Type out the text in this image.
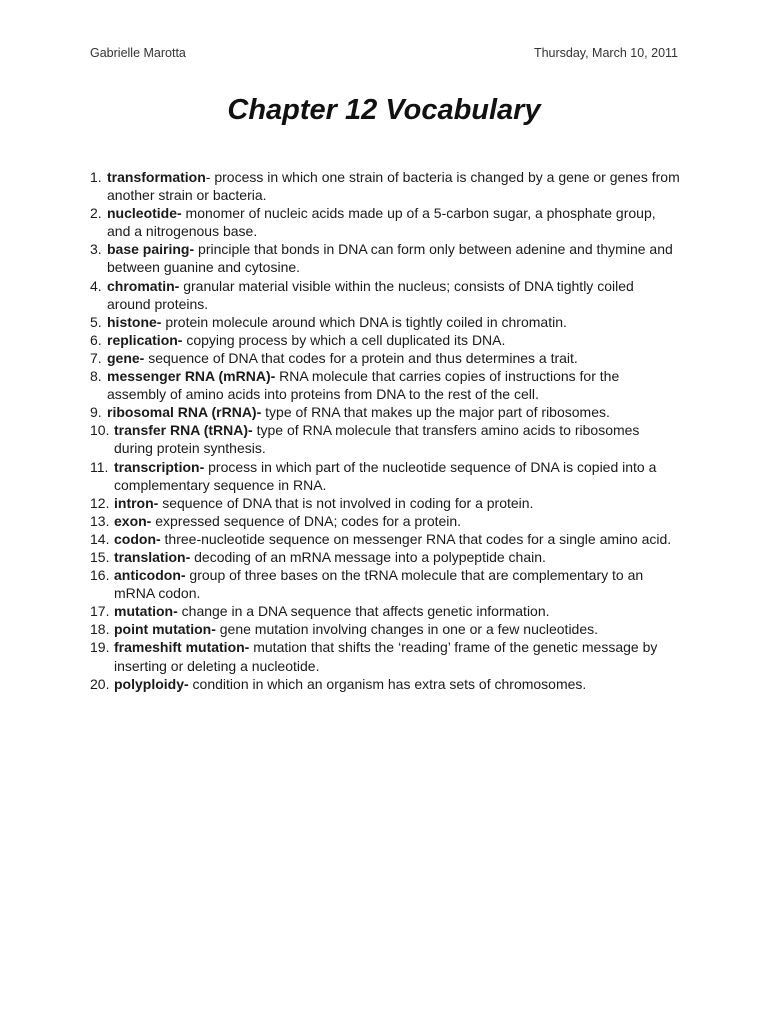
Gabrielle Marotta	Thursday, March 10, 2011
Chapter 12 Vocabulary
1. transformation- process in which one strain of bacteria is changed by a gene or genes from another strain or bacteria.
2. nucleotide- monomer of nucleic acids made up of a 5-carbon sugar, a phosphate group, and a nitrogenous base.
3. base pairing- principle that bonds in DNA can form only between adenine and thymine and between guanine and cytosine.
4. chromatin- granular material visible within the nucleus; consists of DNA tightly coiled around proteins.
5. histone- protein molecule around which DNA is tightly coiled in chromatin.
6. replication- copying process by which a cell duplicated its DNA.
7. gene- sequence of DNA that codes for a protein and thus determines a trait.
8. messenger RNA (mRNA)- RNA molecule that carries copies of instructions for the assembly of amino acids into proteins from DNA to the rest of the cell.
9. ribosomal RNA (rRNA)- type of RNA that makes up the major part of ribosomes.
10. transfer RNA (tRNA)- type of RNA molecule that transfers amino acids to ribosomes during protein synthesis.
11. transcription- process in which part of the nucleotide sequence of DNA is copied into a complementary sequence in RNA.
12. intron- sequence of DNA that is not involved in coding for a protein.
13. exon- expressed sequence of DNA; codes for a protein.
14. codon- three-nucleotide sequence on messenger RNA that codes for a single amino acid.
15. translation- decoding of an mRNA message into a polypeptide chain.
16. anticodon- group of three bases on the tRNA molecule that are complementary to an mRNA codon.
17. mutation- change in a DNA sequence that affects genetic information.
18. point mutation- gene mutation involving changes in one or a few nucleotides.
19. frameshift mutation- mutation that shifts the ‘reading’ frame of the genetic message by inserting or deleting a nucleotide.
20. polyploidy- condition in which an organism has extra sets of chromosomes.
